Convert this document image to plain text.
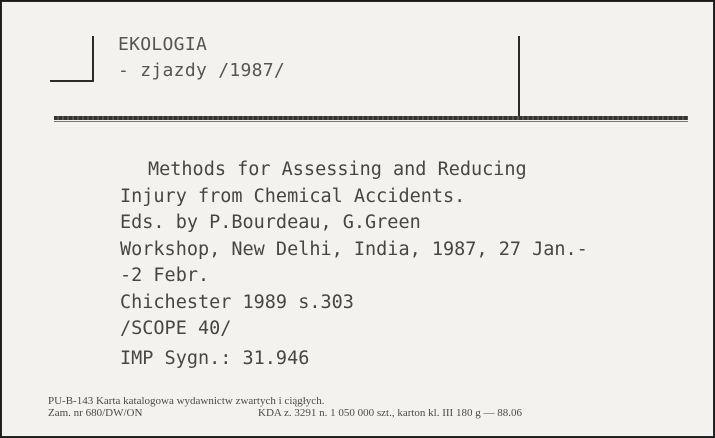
EKOLOGIA
- zjazdy /1987/
Methods for Assessing and Reducing
Injury from Chemical Accidents.
Eds. by P.Bourdeau, G.Green
Workshop, New Delhi, India, 1987, 27 Jan.-
-2 Febr.
Chichester 1989 s.303
/SCOPE 40/
IMP Sygn.: 31.946
PU-B-143 Karta katalogowa wydawnictw zwartych i ciągłych.
Zam. nr 680/DW/ON	KDA z. 3291 n. 1 050 000 szt., karton kl. III 180 g — 88.06
